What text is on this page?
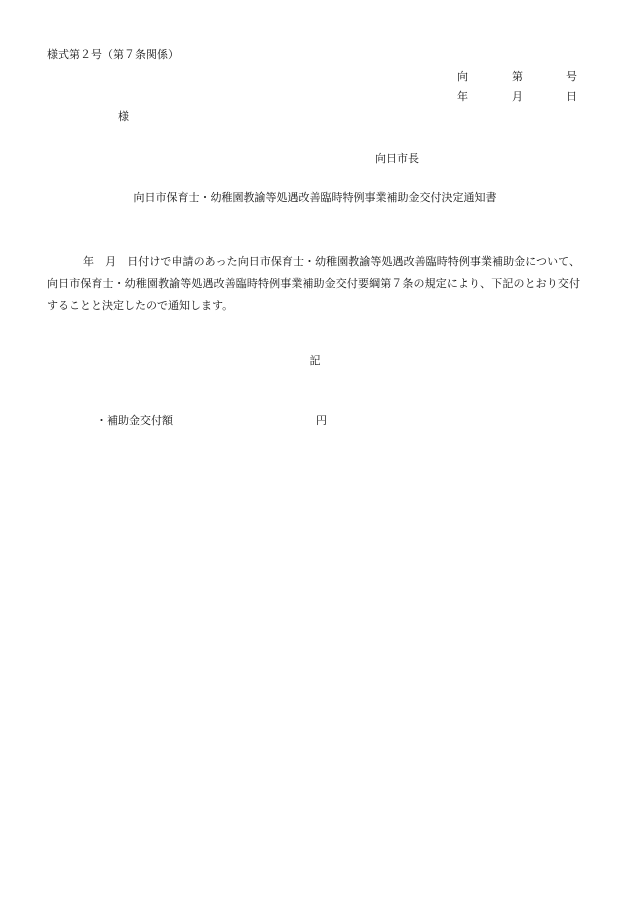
様式第２号（第７条関係）
向	第	号
年	月	日
様
向日市長
向日市保育士・幼稚園教諭等処遇改善臨時特例事業補助金交付決定通知書
年　月　日付けで申請のあった向日市保育士・幼稚園教諭等処遇改善臨時特例事業補助金について、向日市保育士・幼稚園教諭等処遇改善臨時特例事業補助金交付要綱第７条の規定により、下記のとおり交付することと決定したので通知します。
記
・補助金交付額	円
